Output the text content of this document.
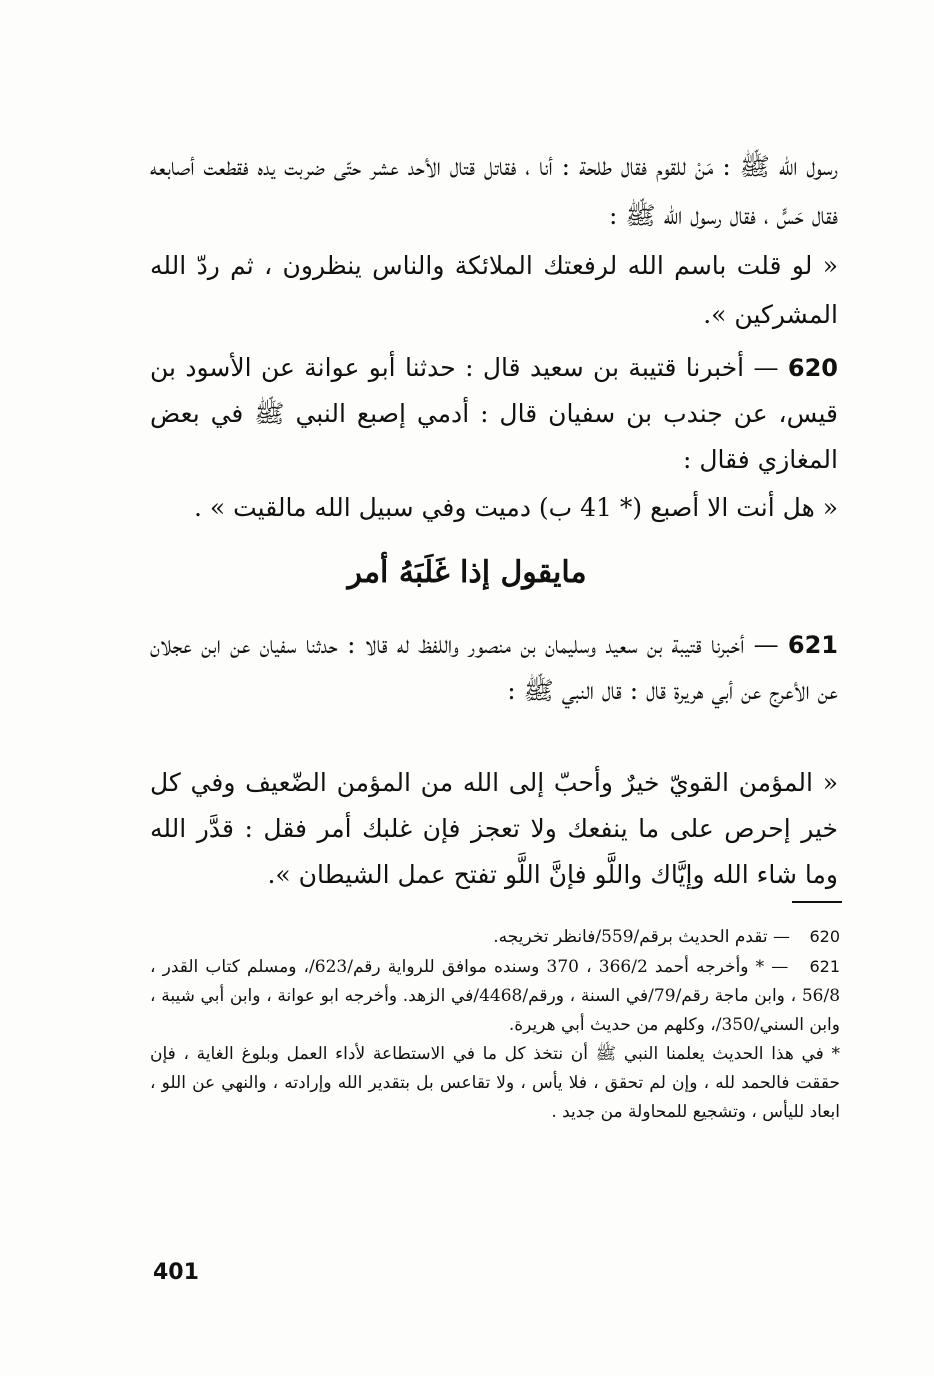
رسول الله ﷺ : مَنْ للقوم فقال طلحة : أنا ، فقاتل قتال الأحد عشر حتّى ضربت يده فقطعت أصابعه فقال حَسٍّ ، فقال رسول الله ﷺ :

« لو قلت باسم الله لرفعتك الملائكة والناس ينظرون ، ثم ردّ الله المشركين ».

620 — أخبرنا قتيبة بن سعيد قال : حدثنا أبو عوانة عن الأسود بن قيس، عن جندب بن سفيان قال : أدمي إصبع النبي ﷺ في بعض المغازي فقال :

« هل أنت الا أصبع (* 41 ب) دميت وفي سبيل الله مالقيت » .

مايقول إذا غَلَبَهُ أمر

621 — أخبرنا قتيبة بن سعيد وسليمان بن منصور واللفظ له قالا : حدثنا سفيان عن ابن عجلان عن الأعرج عن أبي هريرة قال : قال النبي ﷺ :

« المؤمن القويّ خيرٌ وأحبّ إلى الله من المؤمن الضّعيف وفي كل خير إحرص على ما ينفعك ولا تعجز فإن غلبك أمر فقل : قدَّر الله وما شاء الله وإيَّاك واللَّو فإنَّ اللَّو تفتح عمل الشيطان ».

620 — تقدم الحديث برقم/559/فانظر تخريجه.

621 — * وأخرجه أحمد 366/2 ، 370 وسنده موافق للرواية رقم/623/، ومسلم كتاب القدر ، 56/8 ، وابن ماجة رقم/79/في السنة ، ورقم/4468/في الزهد. وأخرجه ابو عوانة ، وابن أبي شيبة ، وابن السني/350/، وكلهم من حديث أبي هريرة.

* في هذا الحديث يعلمنا النبي ﷺ أن نتخذ كل ما في الاستطاعة لأداء العمل وبلوغ الغاية ، فإن حققت فالحمد لله ، وإن لم تحقق ، فلا يأس ، ولا تقاعس بل بتقدير الله وإرادته ، والنهي عن اللو ، ابعاد لليأس ، وتشجيع للمحاولة من جديد .

401
